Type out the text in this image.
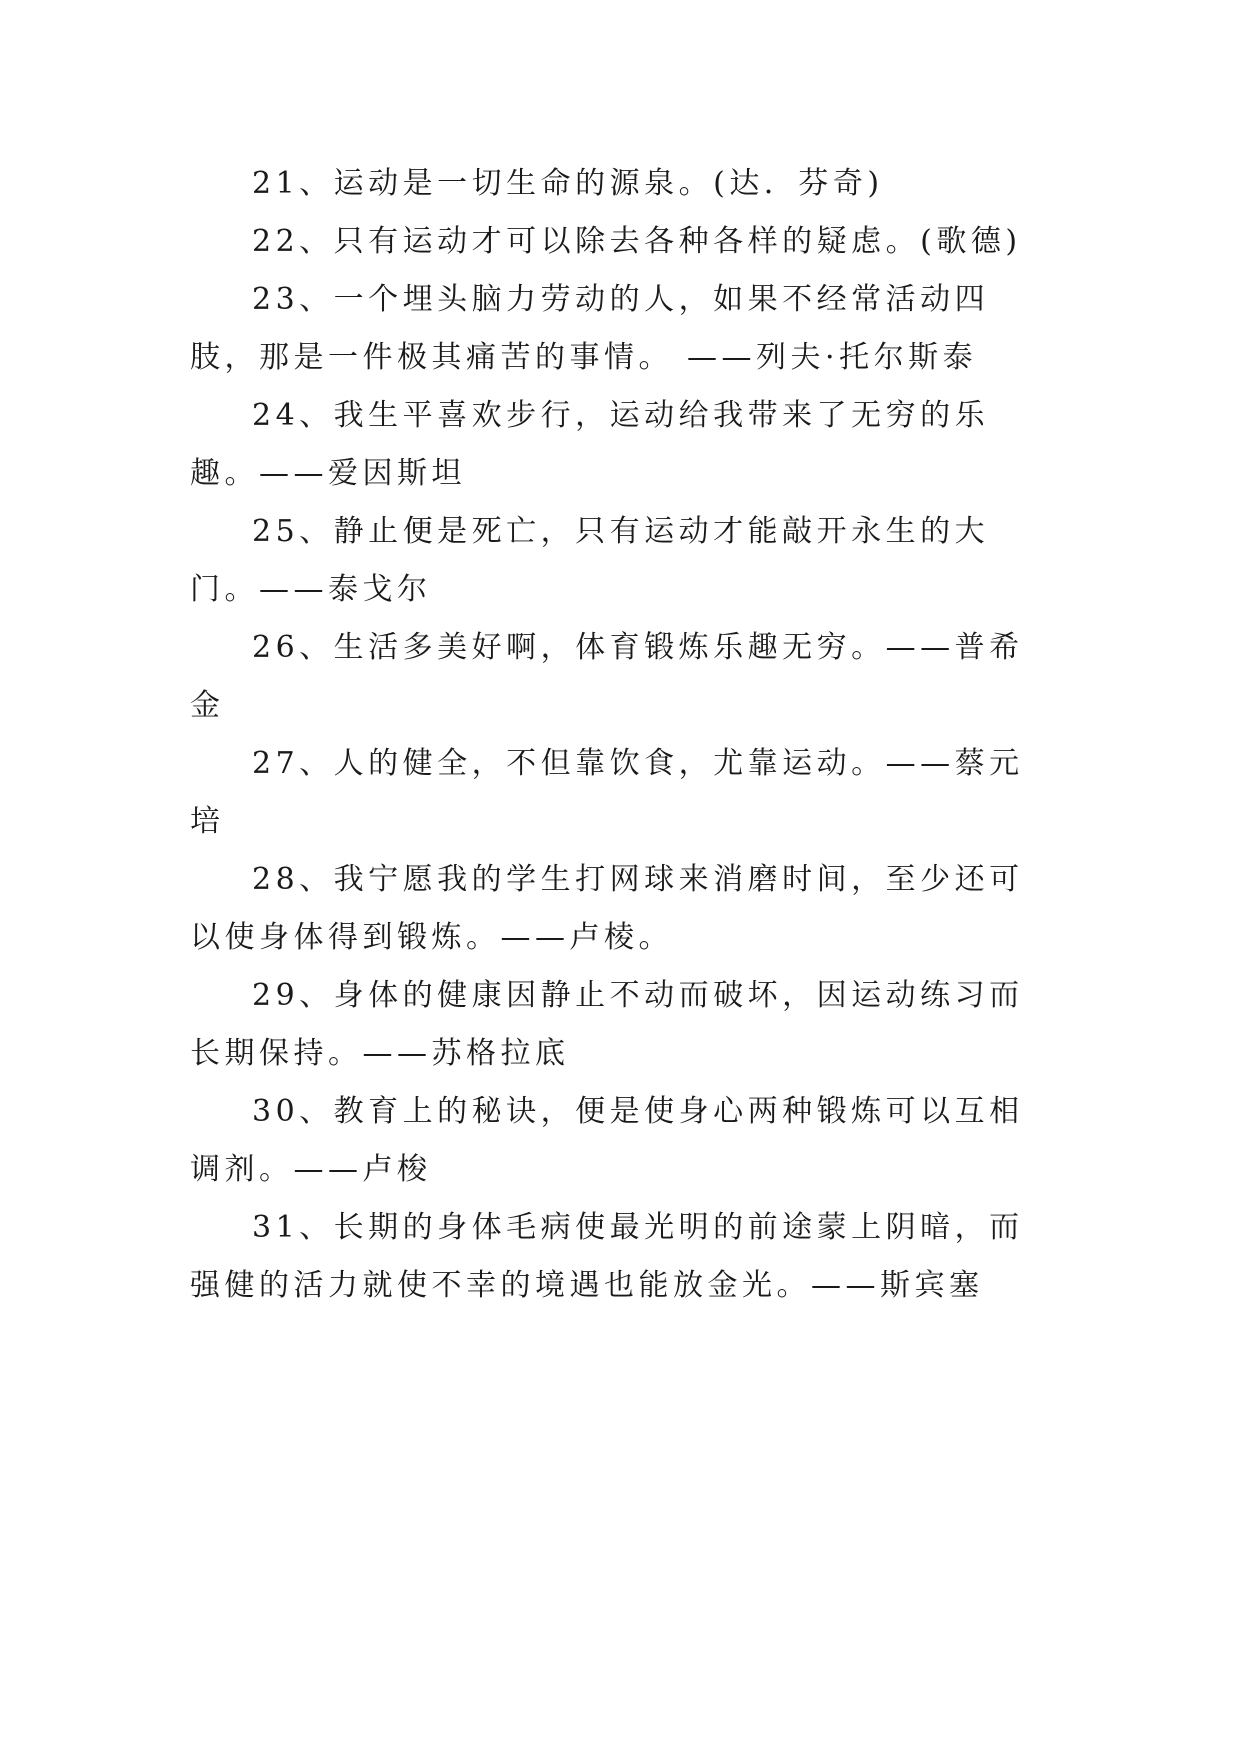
21、运动是一切生命的源泉。(达．芬奇)

22、只有运动才可以除去各种各样的疑虑。(歌德)

23、一个埋头脑力劳动的人，如果不经常活动四肢，那是一件极其痛苦的事情。 ——列夫·托尔斯泰

24、我生平喜欢步行，运动给我带来了无穷的乐趣。——爱因斯坦

25、静止便是死亡，只有运动才能敲开永生的大门。——泰戈尔

26、生活多美好啊，体育锻炼乐趣无穷。——普希金

27、人的健全，不但靠饮食，尤靠运动。——蔡元培

28、我宁愿我的学生打网球来消磨时间，至少还可以使身体得到锻炼。——卢棱。

29、身体的健康因静止不动而破坏，因运动练习而长期保持。——苏格拉底

30、教育上的秘诀，便是使身心两种锻炼可以互相调剂。——卢梭

31、长期的身体毛病使最光明的前途蒙上阴暗，而强健的活力就使不幸的境遇也能放金光。——斯宾塞
